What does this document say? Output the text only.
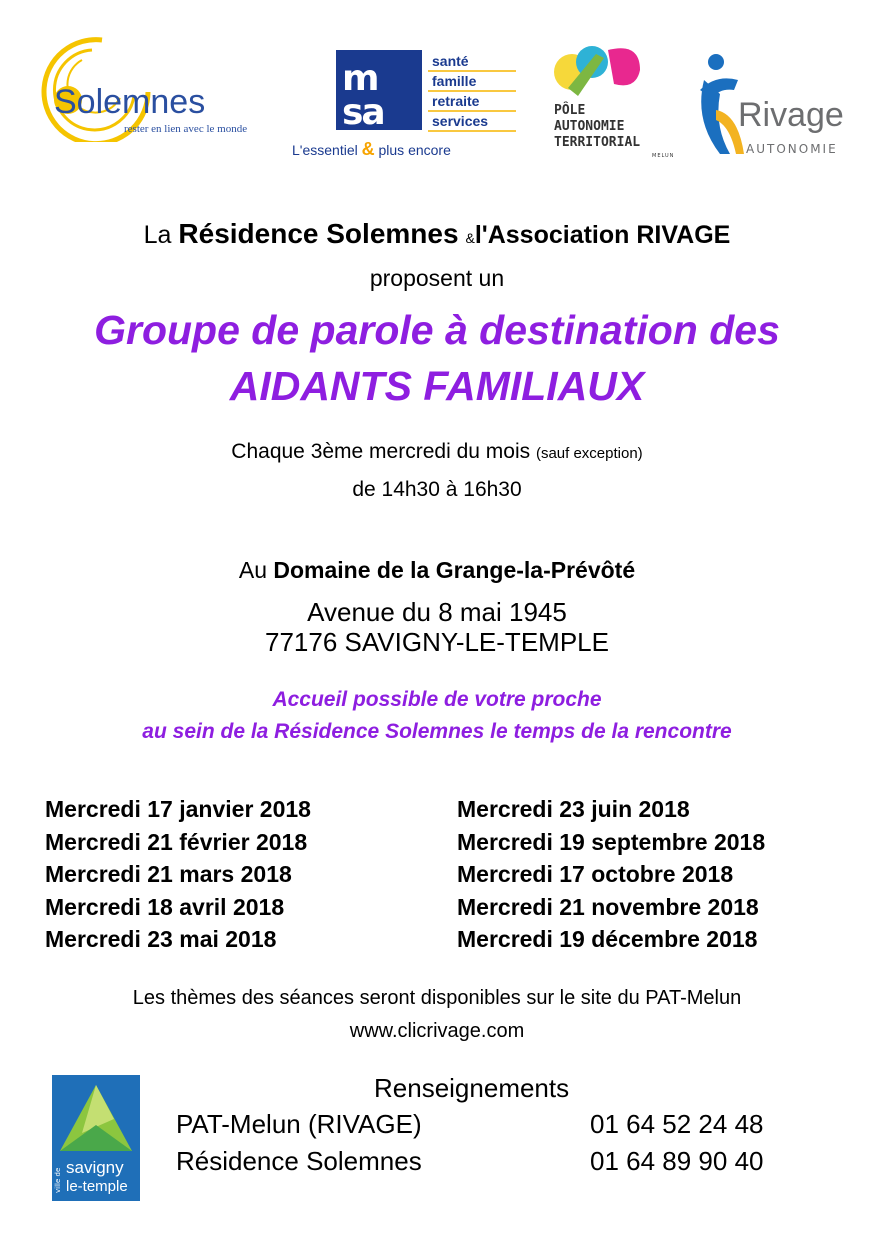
Solemnes
rester en lien avec le monde
m
sa
santé
famille
retraite
services
L'essentiel & plus encore
PÔLE
AUTONOMIE
TERRITORIAL
MELUN
Rivage
AUTONOMIE
La Résidence Solemnes &l'Association RIVAGE
proposent un
Groupe de parole à destination des
AIDANTS FAMILIAUX
Chaque 3ème mercredi du mois (sauf exception)
de 14h30 à 16h30
Au Domaine de la Grange-la-Prévôté
Avenue du 8 mai 1945
77176 SAVIGNY-LE-TEMPLE
Accueil possible de votre proche
au sein de la Résidence Solemnes le temps de la rencontre
Mercredi 17 janvier 2018
Mercredi 21 février 2018
Mercredi 21 mars 2018
Mercredi 18 avril 2018
Mercredi 23 mai 2018
Mercredi 23 juin 2018
Mercredi 19 septembre 2018
Mercredi 17 octobre 2018
Mercredi 21 novembre 2018
Mercredi 19 décembre 2018
Les thèmes des séances seront disponibles sur le site du PAT-Melun
www.clicrivage.com
ville de
savigny
le-temple
Renseignements
PAT-Melun (RIVAGE)
Résidence Solemnes
01 64 52 24 48
01 64 89 90 40
